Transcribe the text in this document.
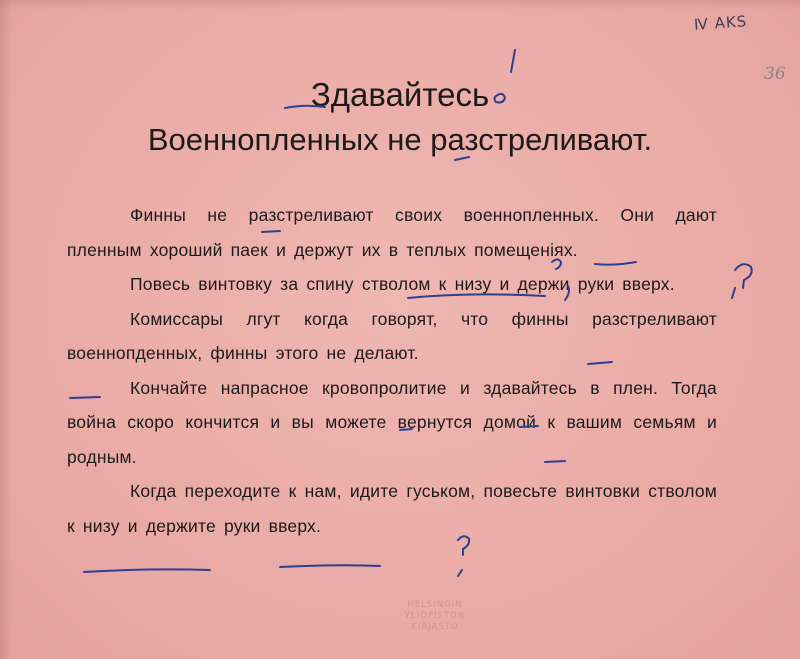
Ⅳ AKS
36
Здавайтесь
Военнопленных не разстреливают.

Финны не разстреливают своих военнопленных. Они дают пленным хороший паек и держут их в теплых помещеніях.

Повесь винтовку за спину стволом к низу и держи руки вверх.

Комиссары лгут когда говорят, что финны разстреливают военнопденных, финны этого не делают.

Кончайте напрасное кровопролитие и здавайтесь в плен. Тогда война скоро кончится и вы можете вернутся домой к вашим семьям и родным.

Когда переходите к нам, идите гуськом, повесьте винтовки стволом к низу и держите руки вверх.

HELSINGIN
YLIOPISTON
KIRJASTO
